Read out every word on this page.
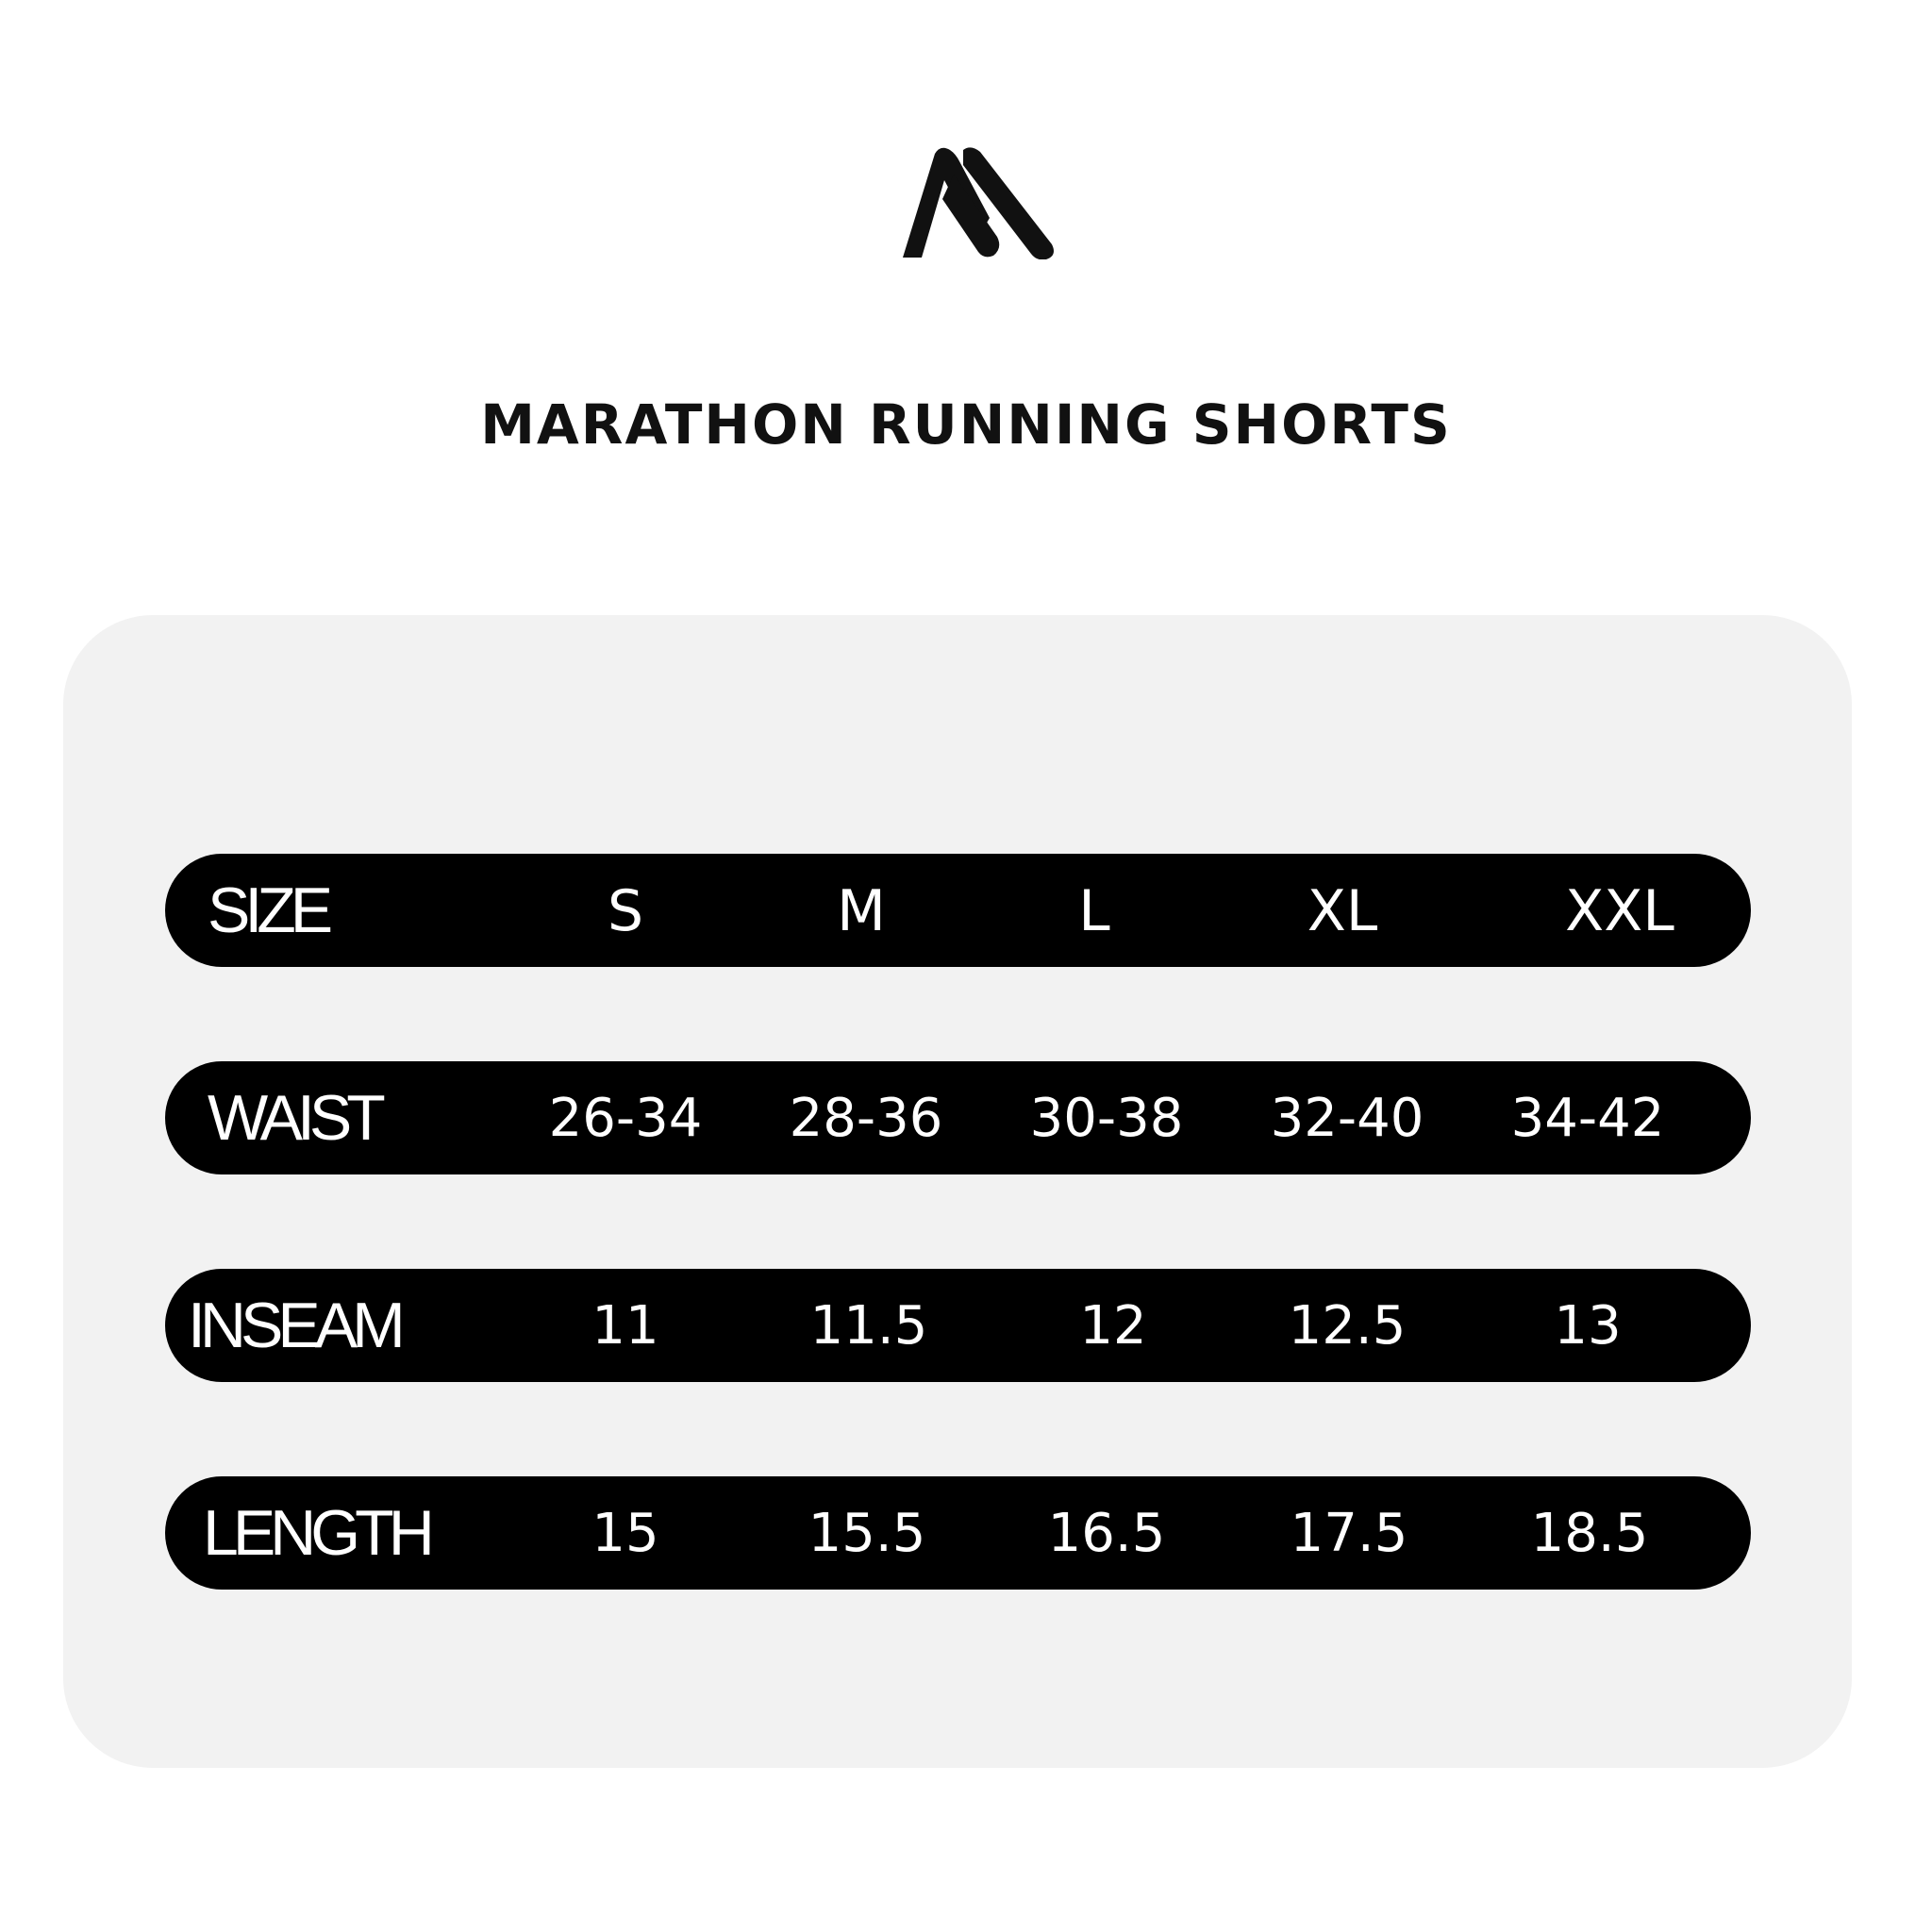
MARATHON RUNNING SHORTS
SIZE	S	M	L	XL	XXL
WAIST	26-34	28-36	30-38	32-40	34-42
INSEAM	11	11.5	12	12.5	13
LENGTH	15	15.5	16.5	17.5	18.5
